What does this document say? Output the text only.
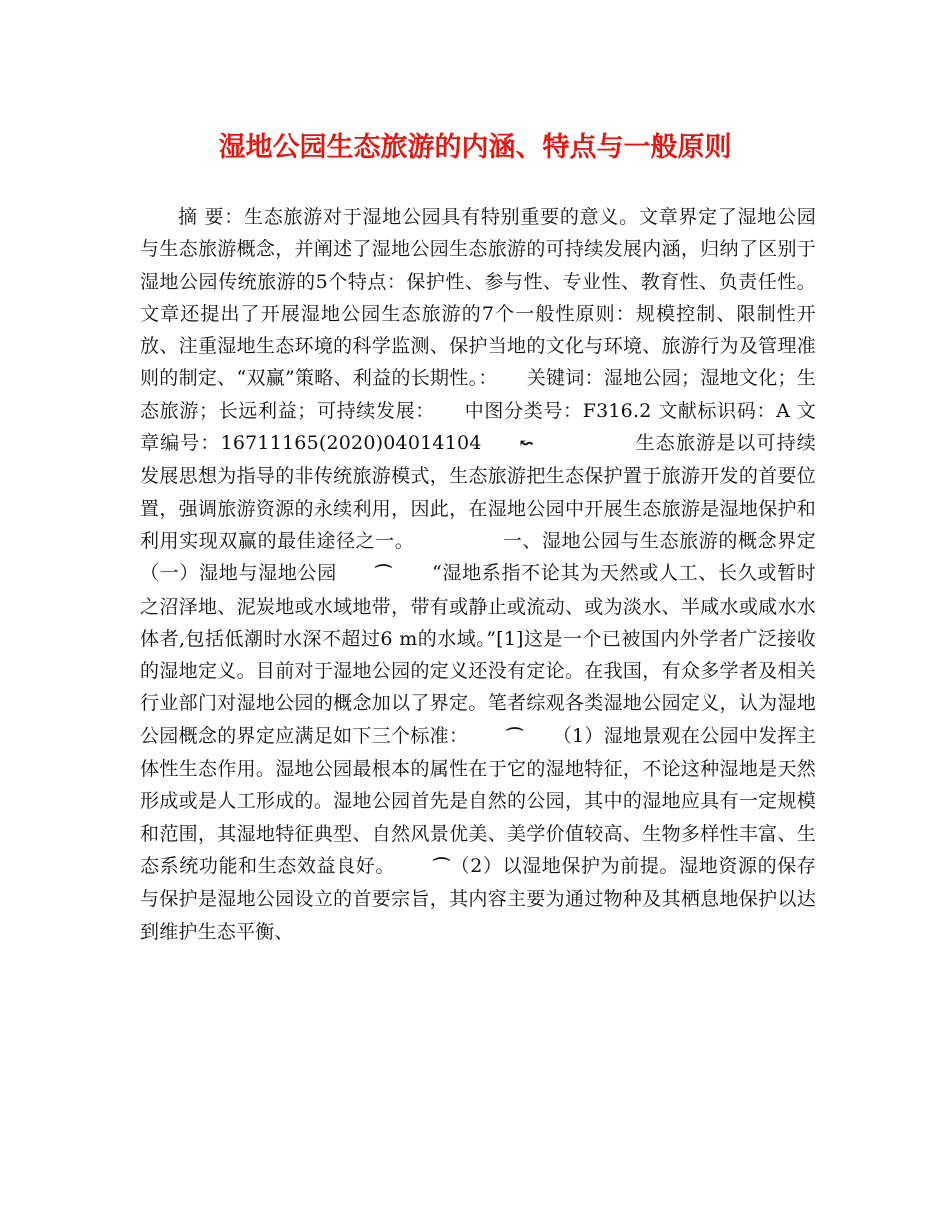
湿地公园生态旅游的内涵、特点与一般原则

摘 要：生态旅游对于湿地公园具有特别重要的意义。文章界定了湿地公园与生态旅游概念，并阐述了湿地公园生态旅游的可持续发展内涵，归纳了区别于湿地公园传统旅游的5个特点：保护性、参与性、专业性、教育性、负责任性。文章还提出了开展湿地公园生态旅游的7个一般性原则：规模控制、限制性开放、注重湿地生态环境的科学监测、保护当地的文化与环境、旅游行为及管理准则的制定、“双赢”策略、利益的长期性。：　　关键词：湿地公园；湿地文化；生态旅游；长远利益；可持续发展：　　中图分类号：F316.2 文献标识码：A 文章编号：16711165(2020)04014104 ↜　　　　　生态旅游是以可持续发展思想为指导的非传统旅游模式，生态旅游把生态保护置于旅游开发的首要位置，强调旅游资源的永续利用，因此，在湿地公园中开展生态旅游是湿地保护和利用实现双赢的最佳途径之一。　　　　　一、湿地公园与生态旅游的概念界定　　　　　（一）湿地与湿地公园 ⌒　　“湿地系指不论其为天然或人工、长久或暂时之沼泽地、泥炭地或水域地带，带有或静止或流动、或为淡水、半咸水或咸水水体者,包括低潮时水深不超过6 m的水域。”[1]这是一个已被国内外学者广泛接收的湿地定义。目前对于湿地公园的定义还没有定论。在我国，有众多学者及相关行业部门对湿地公园的概念加以了界定。笔者综观各类湿地公园定义，认为湿地公园概念的界定应满足如下三个标准： ⌒　　（1）湿地景观在公园中发挥主体性生态作用。湿地公园最根本的属性在于它的湿地特征，不论这种湿地是天然形成或是人工形成的。湿地公园首先是自然的公园，其中的湿地应具有一定规模和范围，其湿地特征典型、自然风景优美、美学价值较高、生物多样性丰富、生态系统功能和生态效益良好。 ⌒（2）以湿地保护为前提。湿地资源的保存与保护是湿地公园设立的首要宗旨，其内容主要为通过物种及其栖息地保护以达到维护生态平衡、
